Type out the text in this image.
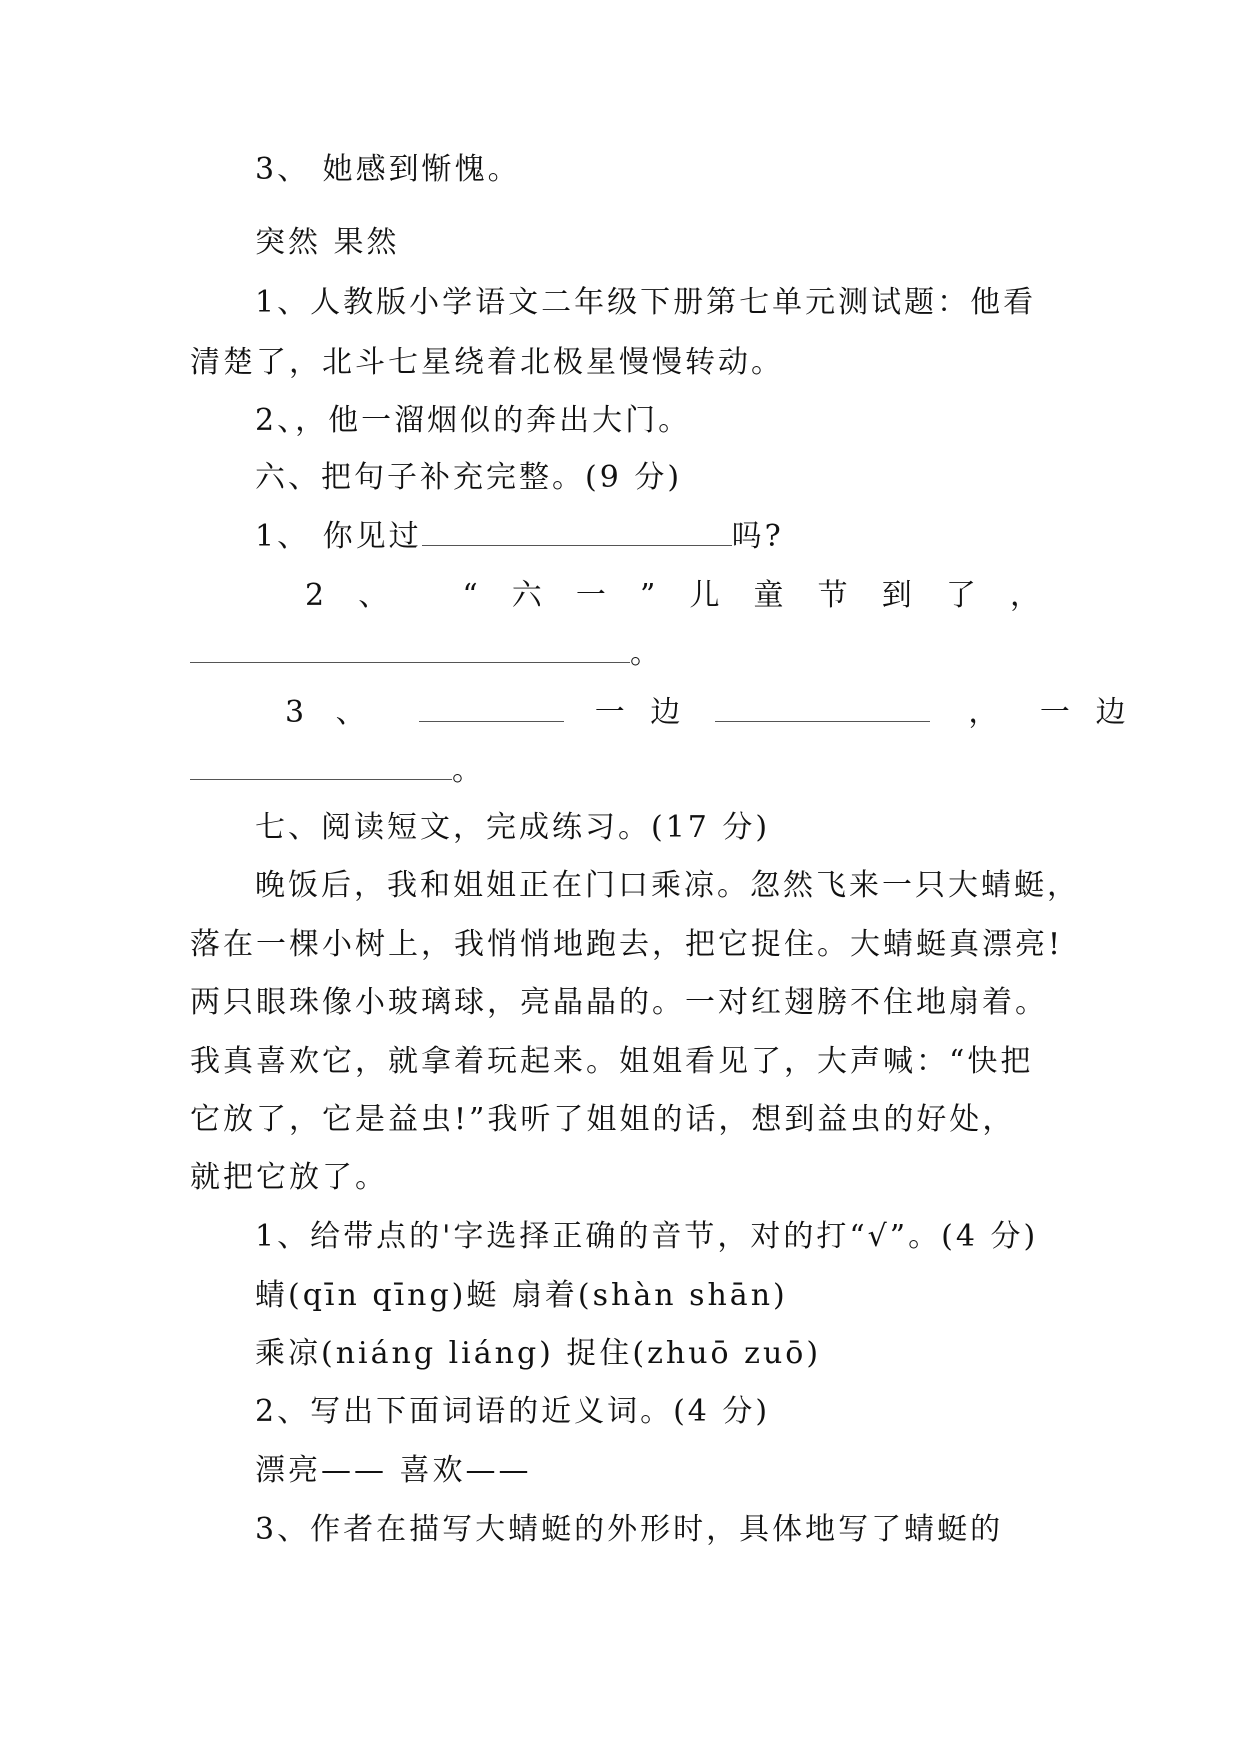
3、 她感到惭愧。
突然 果然
1、人教版小学语文二年级下册第七单元测试题：他看
清楚了，北斗七星绕着北极星慢慢转动。
2、，他一溜烟似的奔出大门。
六、把句子补充完整。(9 分)
1、 你见过	吗?
2 、 “ 六 一 ” 儿 童 节 到 了 ，
。
3 、	一 边	， 一 边
。
七、阅读短文，完成练习。(17 分)
晚饭后，我和姐姐正在门口乘凉。忽然飞来一只大蜻蜓，
落在一棵小树上，我悄悄地跑去，把它捉住。大蜻蜓真漂亮!
两只眼珠像小玻璃球，亮晶晶的。一对红翅膀不住地扇着。
我真喜欢它，就拿着玩起来。姐姐看见了，大声喊：“快把
它放了，它是益虫!”我听了姐姐的话，想到益虫的好处，
就把它放了。
1、给带点的'字选择正确的音节，对的打“√”。(4 分)
蜻(qīn qīng)蜓 扇着(shàn shān)
乘凉(niáng liáng) 捉住(zhuō zuō)
2、写出下面词语的近义词。(4 分)
漂亮—— 喜欢——
3、作者在描写大蜻蜓的外形时，具体地写了蜻蜓的
